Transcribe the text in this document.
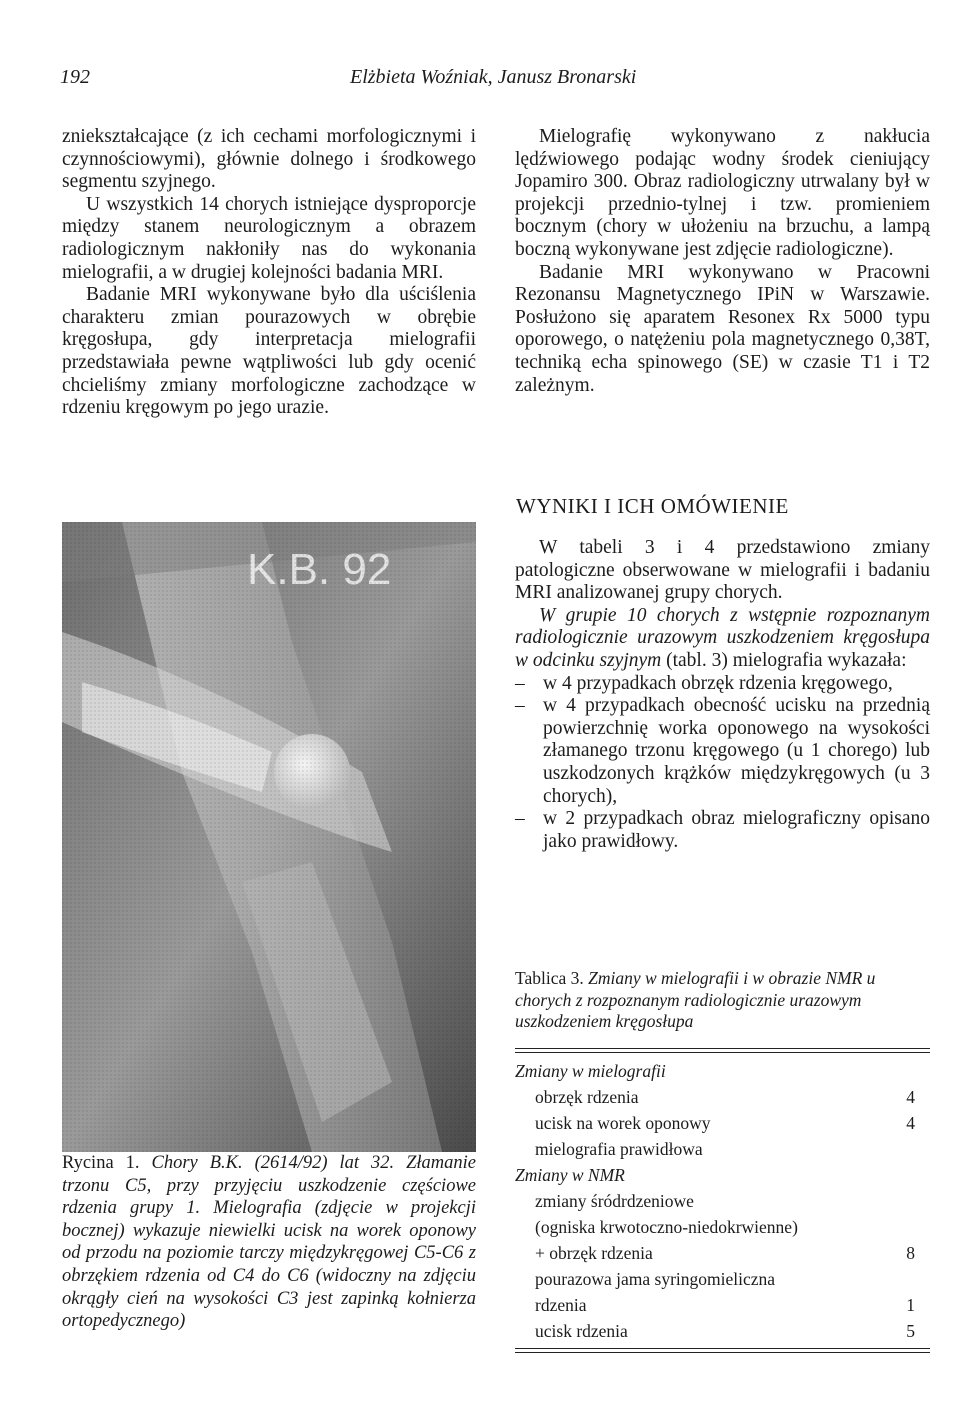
192	Elżbieta Woźniak, Janusz Bronarski

zniekształcające (z ich cechami morfologicznymi i czynnościowymi), głównie dolnego i środkowego segmentu szyjnego.

U wszystkich 14 chorych istniejące dysproporcje między stanem neurologicznym a obrazem radiologicznym nakłoniły nas do wykonania mielografii, a w drugiej kolejności badania MRI.

Badanie MRI wykonywane było dla uściślenia charakteru zmian pourazowych w obrębie kręgosłupa, gdy interpretacja mielografii przedstawiała pewne wątpliwości lub gdy ocenić chcieliśmy zmiany morfologiczne zachodzące w rdzeniu kręgowym po jego urazie.

Rycina 1. Chory B.K. (2614/92) lat 32. Złamanie trzonu C5, przy przyjęciu uszkodzenie częściowe rdzenia grupy 1. Mielografia (zdjęcie w projekcji bocznej) wykazuje niewielki ucisk na worek oponowy od przodu na poziomie tarczy międzykręgowej C5-C6 z obrzękiem rdzenia od C4 do C6 (widoczny na zdjęciu okrągły cień na wysokości C3 jest zapinką kołnierza ortopedycznego)

Mielografię wykonywano z nakłucia lędźwiowego podając wodny środek cieniujący Jopamiro 300. Obraz radiologiczny utrwalany był w projekcji przednio-tylnej i tzw. promieniem bocznym (chory w ułożeniu na brzuchu, a lampą boczną wykonywane jest zdjęcie radiologiczne).

Badanie MRI wykonywano w Pracowni Rezonansu Magnetycznego IPiN w Warszawie. Posłużono się aparatem Resonex Rx 5000 typu oporowego, o natężeniu pola magnetycznego 0,38T, techniką echa spinowego (SE) w czasie T1 i T2 zależnym.

WYNIKI I ICH OMÓWIENIE

W tabeli 3 i 4 przedstawiono zmiany patologiczne obserwowane w mielografii i badaniu MRI analizowanej grupy chorych.

W grupie 10 chorych z wstępnie rozpoznanym radiologicznie urazowym uszkodzeniem kręgosłupa w odcinku szyjnym (tabl. 3) mielografia wykazała:

– w 4 przypadkach obrzęk rdzenia kręgowego,
– w 4 przypadkach obecność ucisku na przednią powierzchnię worka oponowego na wysokości złamanego trzonu kręgowego (u 1 chorego) lub uszkodzonych krążków międzykręgowych (u 3 chorych),
– w 2 przypadkach obraz mielograficzny opisano jako prawidłowy.
Tablica 3. Zmiany w mielografii i w obrazie NMR u chorych z rozpoznanym radiologicznie urazowym uszkodzeniem kręgosłupa
Zmiany w mielografii
obrzęk rdzenia	4
ucisk na worek oponowy	4
mielografia prawidłowa
Zmiany w NMR
zmiany śródrdzeniowe
(ogniska krwotoczno-niedokrwienne)
+ obrzęk rdzenia	8
pourazowa jama syringomieliczna
rdzenia	1
ucisk rdzenia	5
